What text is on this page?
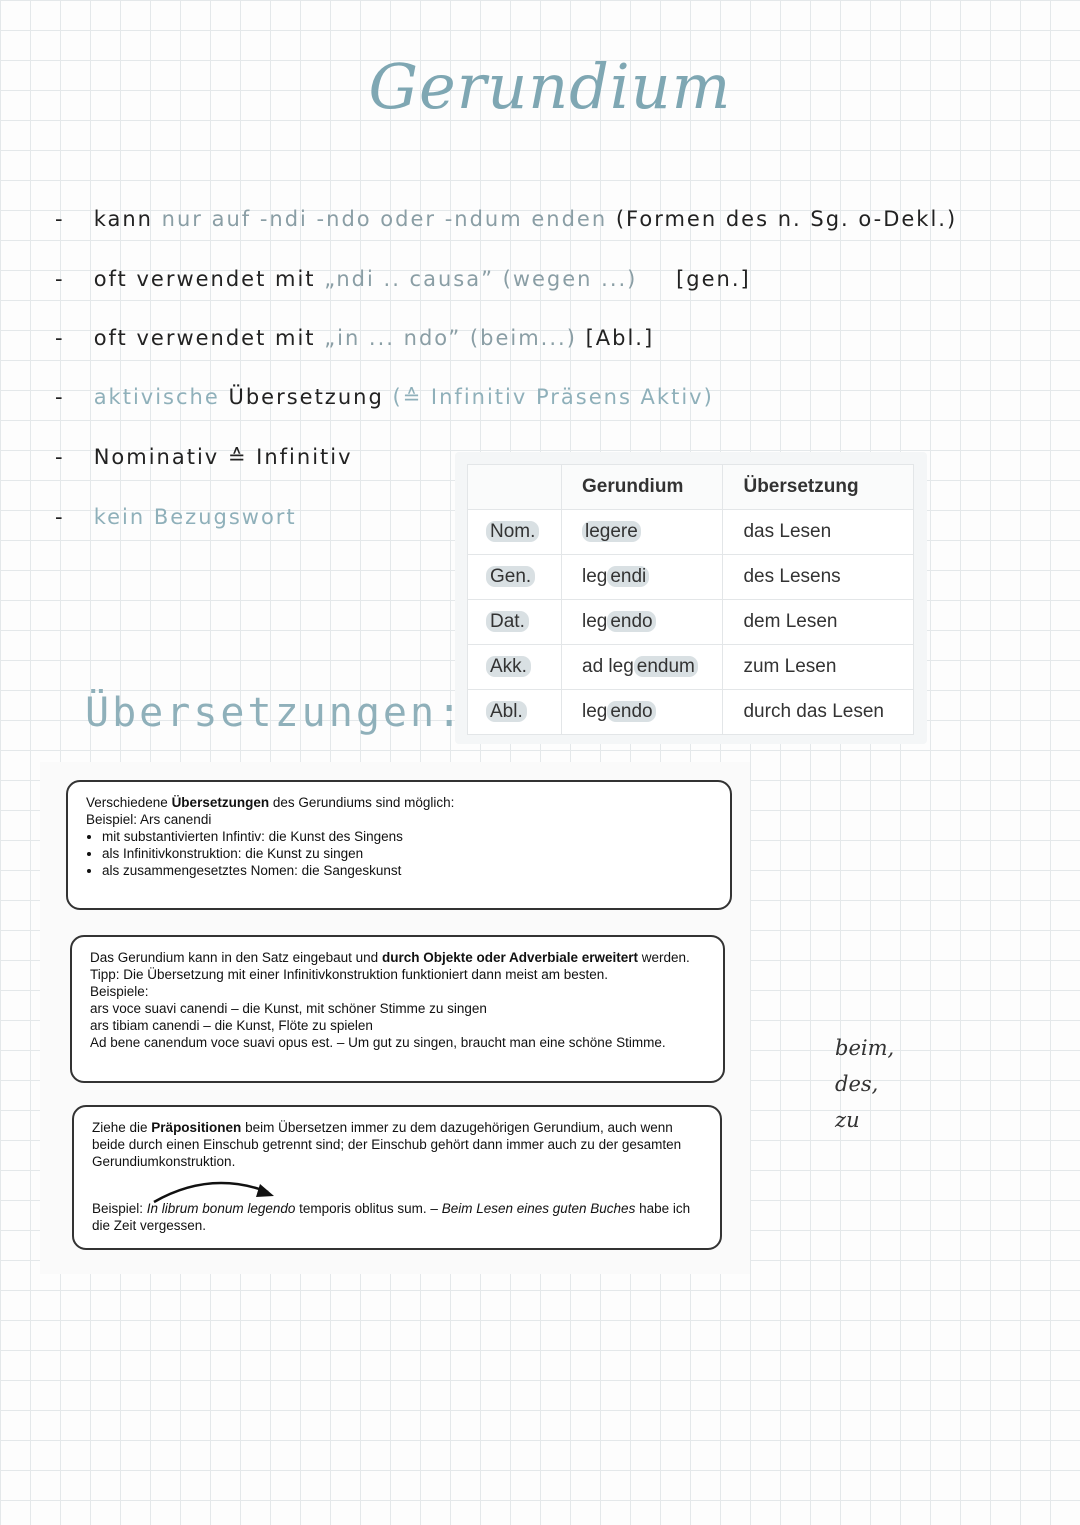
Gerundium
- kann nur auf -ndi -ndo oder -ndum enden (Formen des n. Sg. o-Dekl.)
- oft verwendet mit „ndi .. causa” (wegen ...) [gen.]
- oft verwendet mit „in ... ndo” (beim...) [Abl.]
- aktivische Übersetzung (≙ Infinitiv Präsens Aktiv)
- Nominativ ≙ Infinitiv
- kein Bezugswort
	Gerundium	Übersetzung
Nom.	legere	das Lesen
Gen.	leg endi	des Lesens
Dat.	leg endo	dem Lesen
Akk.	ad leg endum	zum Lesen
Abl.	leg endo	durch das Lesen
Übersetzungen:

Verschiedene Übersetzungen des Gerundiums sind möglich:

Beispiel: Ars canendi

• mit substantivierten Infintiv: die Kunst des Singens
• als Infinitivkonstruktion: die Kunst zu singen
• als zusammengesetztes Nomen: die Sangeskunst

Das Gerundium kann in den Satz eingebaut und durch Objekte oder Adverbiale erweitert werden.

Tipp: Die Übersetzung mit einer Infinitivkonstruktion funktioniert dann meist am besten.

Beispiele:

ars voce suavi canendi – die Kunst, mit schöner Stimme zu singen

ars tibiam canendi – die Kunst, Flöte zu spielen

Ad bene canendum voce suavi opus est. – Um gut zu singen, braucht man eine schöne Stimme.

Ziehe die Präpositionen beim Übersetzen immer zu dem dazugehörigen Gerundium, auch wenn beide durch einen Einschub getrennt sind; der Einschub gehört dann immer auch zu der gesamten Gerundiumkonstruktion.

Beispiel: In librum bonum legendo temporis oblitus sum. – Beim Lesen eines guten Buches habe ich die Zeit vergessen.

beim,
des,
zu
